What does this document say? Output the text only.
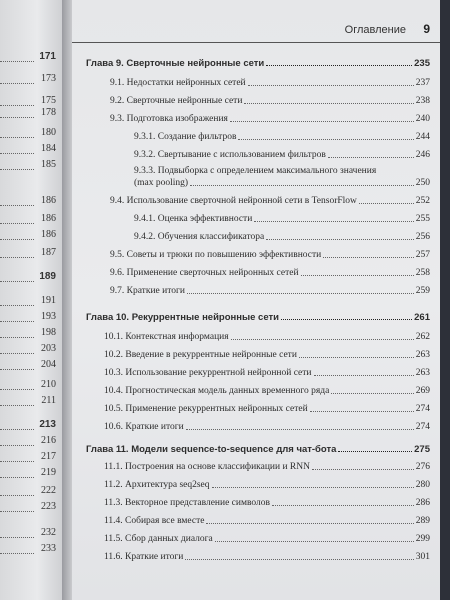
171
173
175
178
180
184
185
186
186
186
187
189
191
193
198
203
204
210
211
213
216
217
219
222
223
232
233
Оглавление 9
Глава 9. Сверточные нейронные сети	235
9.1. Недостатки нейронных сетей	237
9.2. Сверточные нейронные сети	238
9.3. Подготовка изображения	240
9.3.1. Создание фильтров	244
9.3.2. Свертывание с использованием фильтров	246
9.3.3. Подвыборка с определением максимального значения
(max pooling)	250
9.4. Использование сверточной нейронной сети в TensorFlow	252
9.4.1. Оценка эффективности	255
9.4.2. Обучения классификатора	256
9.5. Советы и трюки по повышению эффективности	257
9.6. Применение сверточных нейронных сетей	258
9.7. Краткие итоги	259
Глава 10. Рекуррентные нейронные сети	261
10.1. Контекстная информация	262
10.2. Введение в рекуррентные нейронные сети	263
10.3. Использование рекуррентной нейронной сети	263
10.4. Прогностическая модель данных временного ряда	269
10.5. Применение рекуррентных нейронных сетей	274
10.6. Краткие итоги	274
Глава 11. Модели sequence-to-sequence для чат-бота	275
11.1. Построения на основе классификации и RNN	276
11.2. Архитектура seq2seq	280
11.3. Векторное представление символов	286
11.4. Собирая все вместе	289
11.5. Сбор данных диалога	299
11.6. Краткие итоги	301
